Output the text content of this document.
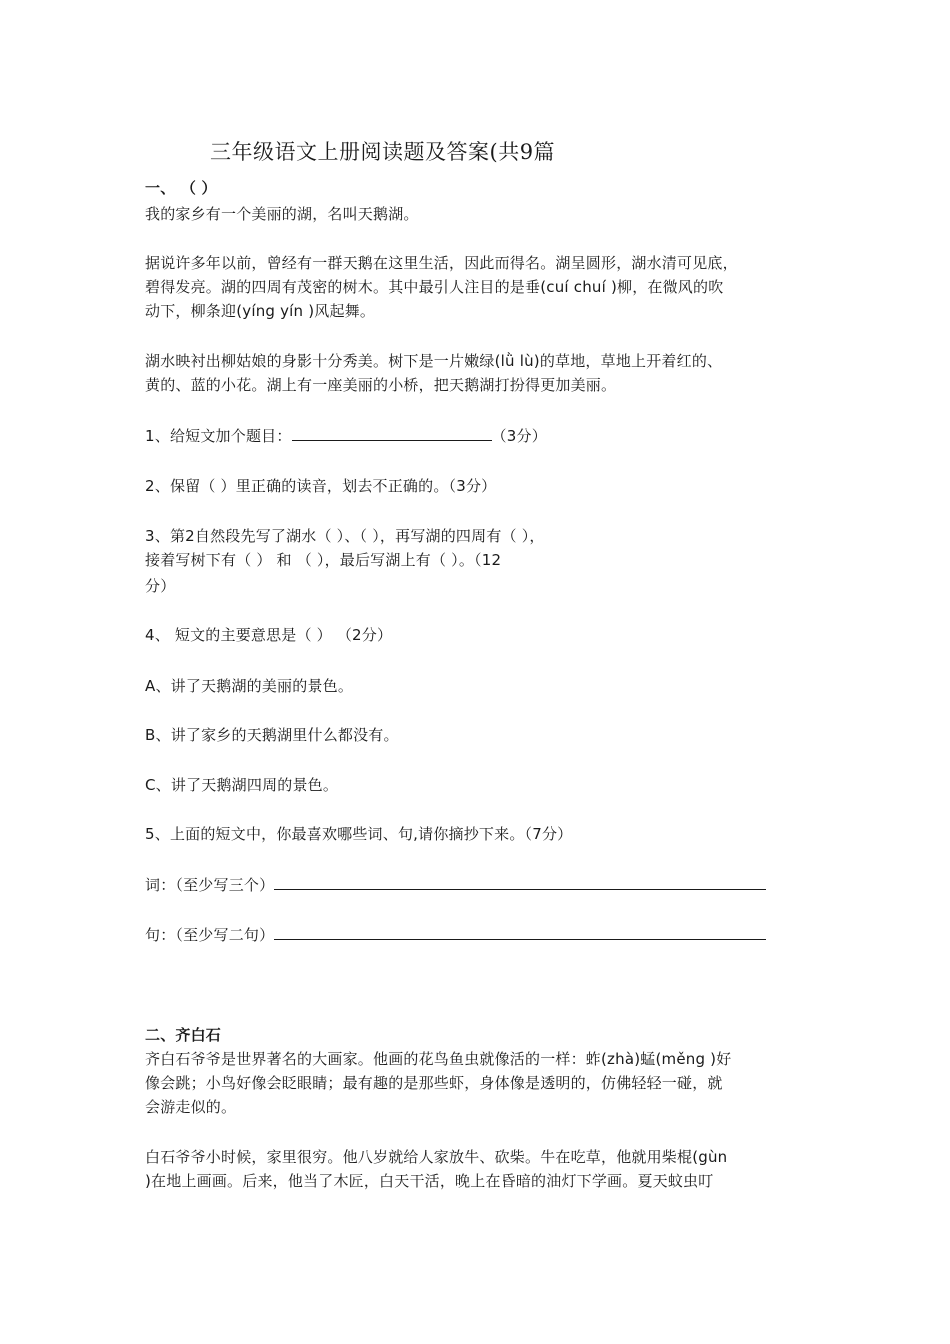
三年级语文上册阅读题及答案(共9篇
一、 （ ）
我的家乡有一个美丽的湖，名叫天鹅湖。
据说许多年以前，曾经有一群天鹅在这里生活，因此而得名。湖呈圆形，湖水清可见底，
碧得发亮。湖的四周有茂密的树木。其中最引人注目的是垂(cuí chuí )柳，在微风的吹
动下，柳条迎(yíng yín )风起舞。
湖水映衬出柳姑娘的身影十分秀美。树下是一片嫩绿(lǜ lù)的草地，草地上开着红的、
黄的、蓝的小花。湖上有一座美丽的小桥，把天鹅湖打扮得更加美丽。
1、给短文加个题目：	（3分）
2、保留（ ）里正确的读音，划去不正确的。（3分）
3、第2自然段先写了湖水（ ）、（ ），再写湖的四周有（ ），
接着写树下有（ ） 和 （ ），最后写湖上有（ ）。（12
分）
4、 短文的主要意思是（ ） （2分）
A、讲了天鹅湖的美丽的景色。
B、讲了家乡的天鹅湖里什么都没有。
C、讲了天鹅湖四周的景色。
5、上面的短文中，你最喜欢哪些词、句,请你摘抄下来。（7分）
词：（至少写三个）
句：（至少写二句）
二、齐白石
齐白石爷爷是世界著名的大画家。他画的花鸟鱼虫就像活的一样：蚱(zhà)蜢(měng )好
像会跳；小鸟好像会眨眼睛；最有趣的是那些虾，身体像是透明的，仿佛轻轻一碰，就
会游走似的。
白石爷爷小时候，家里很穷。他八岁就给人家放牛、砍柴。牛在吃草，他就用柴棍(gùn
)在地上画画。后来，他当了木匠，白天干活，晚上在昏暗的油灯下学画。夏天蚊虫叮
